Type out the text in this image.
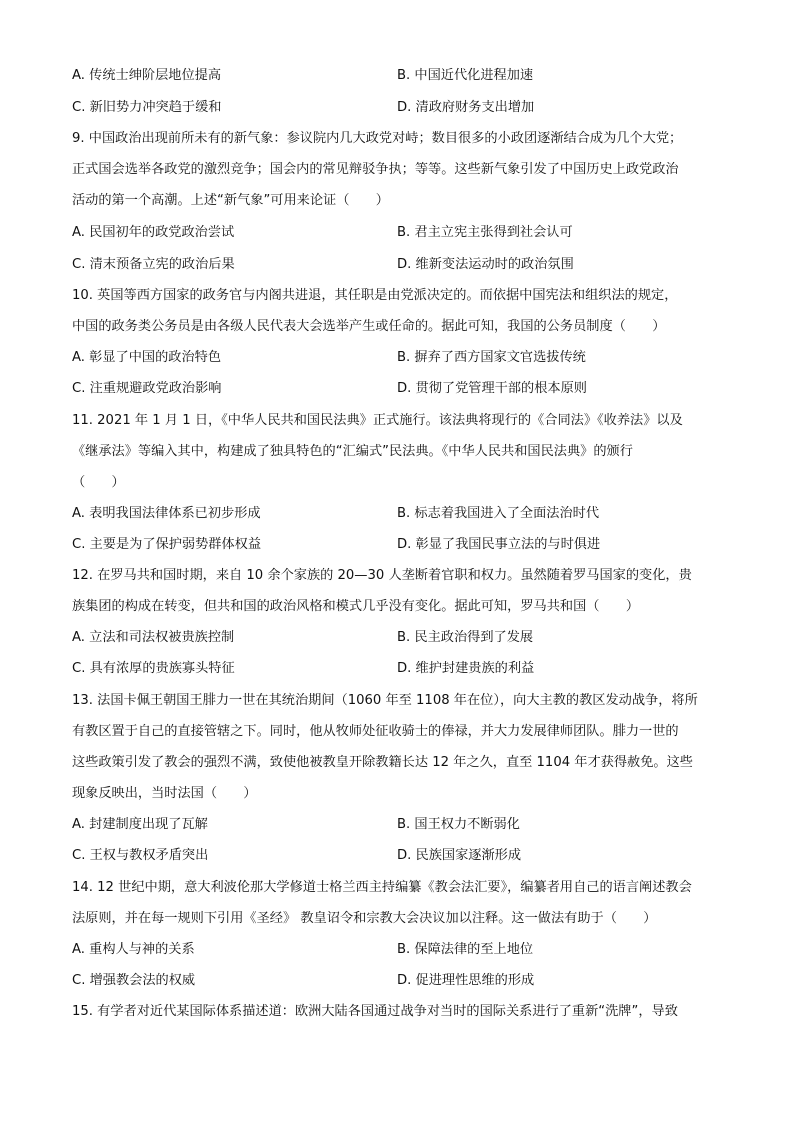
A. 传统士绅阶层地位提高	B. 中国近代化进程加速
C. 新旧势力冲突趋于缓和	D. 清政府财务支出增加
9. 中国政治出现前所未有的新气象：参议院内几大政党对峙；数目很多的小政团逐渐结合成为几个大党；
正式国会选举各政党的激烈竞争；国会内的常见辩驳争执；等等。这些新气象引发了中国历史上政党政治
活动的第一个高潮。上述“新气象”可用来论证（　　）
A. 民国初年的政党政治尝试	B. 君主立宪主张得到社会认可
C. 清末预备立宪的政治后果	D. 维新变法运动时的政治氛围
10. 英国等西方国家的政务官与内阁共进退，其任职是由党派决定的。而依据中国宪法和组织法的规定，
中国的政务类公务员是由各级人民代表大会选举产生或任命的。据此可知，我国的公务员制度（　　）
A. 彰显了中国的政治特色	B. 摒弃了西方国家文官选拔传统
C. 注重规避政党政治影响	D. 贯彻了党管理干部的根本原则
11. 2021 年 1 月 1 日，《中华人民共和国民法典》正式施行。该法典将现行的《合同法》《收养法》以及
《继承法》等编入其中，构建成了独具特色的“汇编式”民法典。《中华人民共和国民法典》的颁行
（　　）
A. 表明我国法律体系已初步形成	B. 标志着我国进入了全面法治时代
C. 主要是为了保护弱势群体权益	D. 彰显了我国民事立法的与时俱进
12. 在罗马共和国时期，来自 10 余个家族的 20—30 人垄断着官职和权力。虽然随着罗马国家的变化，贵
族集团的构成在转变，但共和国的政治风格和模式几乎没有变化。据此可知，罗马共和国（　　）
A. 立法和司法权被贵族控制	B. 民主政治得到了发展
C. 具有浓厚的贵族寡头特征	D. 维护封建贵族的利益
13. 法国卡佩王朝国王腓力一世在其统治期间（1060 年至 1108 年在位），向大主教的教区发动战争，将所
有教区置于自己的直接管辖之下。同时，他从牧师处征收骑士的俸禄，并大力发展律师团队。腓力一世的
这些政策引发了教会的强烈不满，致使他被教皇开除教籍长达 12 年之久，直至 1104 年才获得赦免。这些
现象反映出，当时法国（　　）
A. 封建制度出现了瓦解	B. 国王权力不断弱化
C. 王权与教权矛盾突出	D. 民族国家逐渐形成
14. 12 世纪中期，意大利波伦那大学修道士格兰西主持编纂《教会法汇要》，编纂者用自己的语言阐述教会
法原则，并在每一规则下引用《圣经》 教皇诏令和宗教大会决议加以注释。这一做法有助于（　　）
A. 重构人与神的关系	B. 保障法律的至上地位
C. 增强教会法的权威	D. 促进理性思维的形成
15. 有学者对近代某国际体系描述道：欧洲大陆各国通过战争对当时的国际关系进行了重新“洗牌”，导致
